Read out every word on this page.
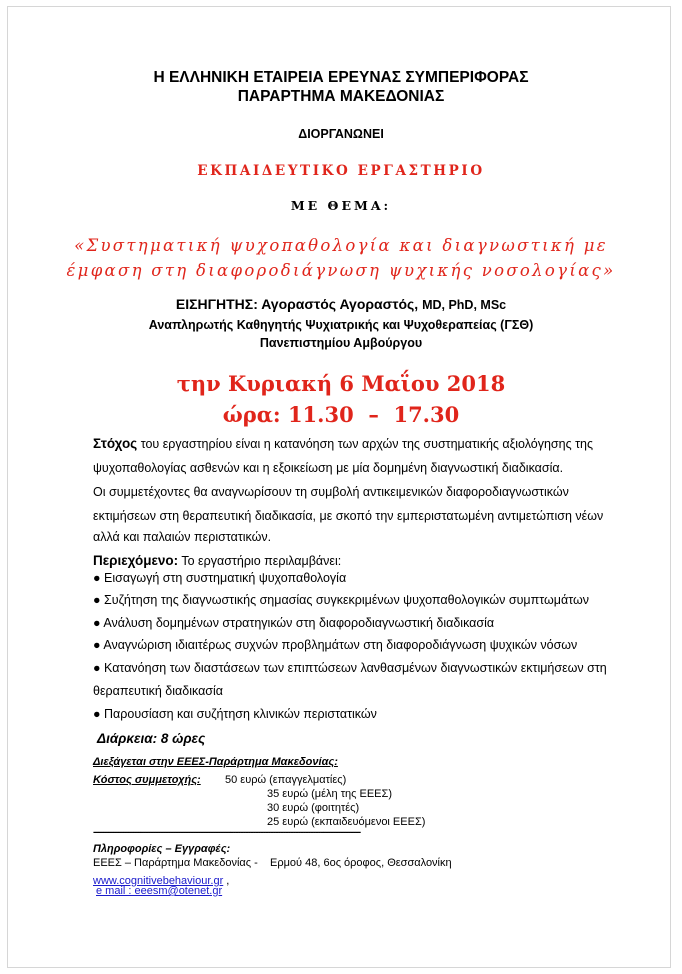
Η ΕΛΛΗΝΙΚΗ ΕΤΑΙΡΕΙΑ ΕΡΕΥΝΑΣ ΣΥΜΠΕΡΙΦΟΡΑΣ
ΠΑΡΑΡΤΗΜΑ ΜΑΚΕΔΟΝΙΑΣ
ΔΙΟΡΓΑΝΩΝΕΙ
ΕΚΠΑΙΔΕΥΤΙΚΟ ΕΡΓΑΣΤΗΡΙΟ
ΜΕ ΘΕΜΑ:
«Συστηματική ψυχοπαθολογία και διαγνωστική με
έμφαση στη διαφοροδιάγνωση ψυχικής νοσολογίας»
ΕΙΣΗΓΗΤΗΣ: Αγοραστός Αγοραστός, MD, PhD, MSc
Αναπληρωτής Καθηγητής Ψυχιατρικής και Ψυχοθεραπείας (ΓΣΘ)
Πανεπιστημίου Αμβούργου
την Κυριακή 6 Μαΐου 2018
ώρα: 11.30  –  17.30
Στόχος του εργαστηρίου είναι η κατανόηση των αρχών της συστηματικής αξιολόγησης της
ψυχοπαθολογίας ασθενών και η εξοικείωση με μία δομημένη διαγνωστική διαδικασία.
Οι συμμετέχοντες θα αναγνωρίσουν τη συμβολή αντικειμενικών διαφοροδιαγνωστικών
εκτιμήσεων στη θεραπευτική διαδικασία, με σκοπό την εμπεριστατωμένη αντιμετώπιση νέων
αλλά και παλαιών περιστατικών.
Περιεχόμενο: Το εργαστήριο περιλαμβάνει:
● Εισαγωγή στη συστηματική ψυχοπαθολογία
● Συζήτηση της διαγνωστικής σημασίας συγκεκριμένων ψυχοπαθολογικών συμπτωμάτων
● Ανάλυση δομημένων στρατηγικών στη διαφοροδιαγνωστική διαδικασία
● Αναγνώριση ιδιαιτέρως συχνών προβλημάτων στη διαφοροδιάγνωση ψυχικών νόσων
● Κατανόηση των διαστάσεων των επιπτώσεων λανθασμένων διαγνωστικών εκτιμήσεων στη
θεραπευτική διαδικασία
● Παρουσίαση και συζήτηση κλινικών περιστατικών
Διάρκεια: 8 ώρες
Διεξάγεται στην ΕΕΕΣ-Παράρτημα Μακεδονίας:
Κόστος συμμετοχής: 50 ευρώ (επαγγελματίες)
35 ευρώ (μέλη της ΕΕΕΣ)
30 ευρώ (φοιτητές)
25 ευρώ (εκπαιδευόμενοι ΕΕΕΣ)
-----------------------------------------------------------------------------------------------------------
Πληροφορίες – Εγγραφές:
ΕΕΕΣ – Παράρτημα Μακεδονίας -    Ερμού 48, 6ος όροφος, Θεσσαλονίκη
www.cognitivebehaviour.gr ,
e mail : eeesm@otenet.gr
